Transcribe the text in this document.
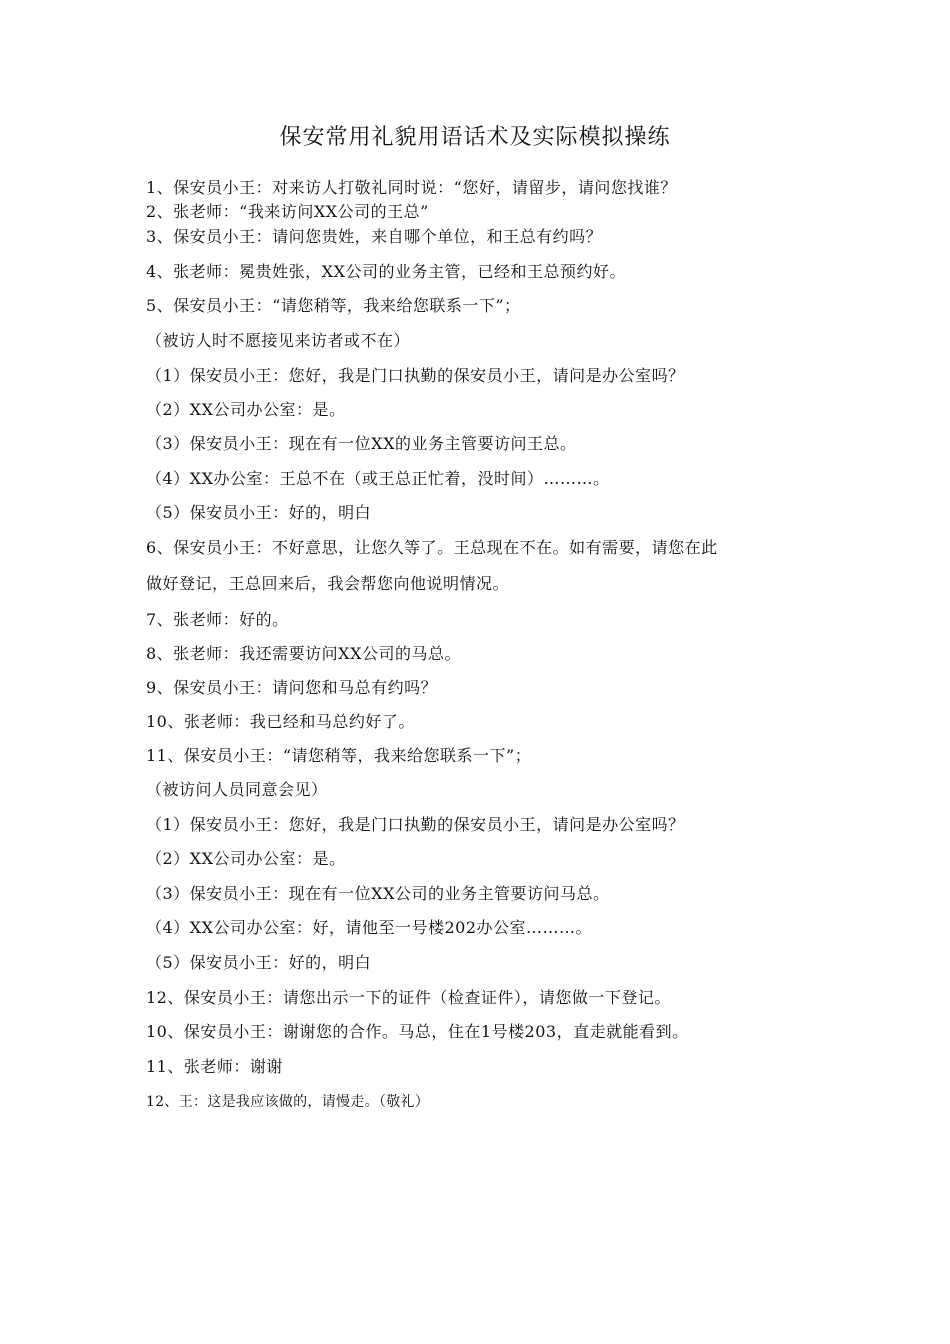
保安常用礼貌用语话术及实际模拟操练
1、保安员小王：对来访人打敬礼同时说：“您好，请留步，请问您找谁？
2、张老师：“我来访问XX公司的王总”
3、保安员小王：请问您贵姓，来自哪个单位，和王总有约吗？
4、张老师：冕贵姓张，XX公司的业务主管，已经和王总预约好。
5、保安员小王：“请您稍等，我来给您联系一下”；
（被访人时不愿接见来访者或不在）
（1）保安员小王：您好，我是门口执勤的保安员小王，请问是办公室吗？
（2）XX公司办公室：是。
（3）保安员小王：现在有一位XX的业务主管要访问王总。
（4）XX办公室：王总不在（或王总正忙着，没时间）………。
（5）保安员小王：好的，明白
6、保安员小王：不好意思，让您久等了。王总现在不在。如有需要，请您在此
做好登记，王总回来后，我会帮您向他说明情况。
7、张老师：好的。
8、张老师：我还需要访问XX公司的马总。
9、保安员小王：请问您和马总有约吗？
10、张老师：我已经和马总约好了。
11、保安员小王：“请您稍等，我来给您联系一下”；
（被访问人员同意会见）
（1）保安员小王：您好，我是门口执勤的保安员小王，请问是办公室吗？
（2）XX公司办公室：是。
（3）保安员小王：现在有一位XX公司的业务主管要访问马总。
（4）XX公司办公室：好，请他至一号楼202办公室………。
（5）保安员小王：好的，明白
12、保安员小王：请您出示一下的证件（检查证件），请您做一下登记。
10、保安员小王：谢谢您的合作。马总，住在1号楼203，直走就能看到。
11、张老师：谢谢
12、王：这是我应该做的，请慢走。（敬礼）
